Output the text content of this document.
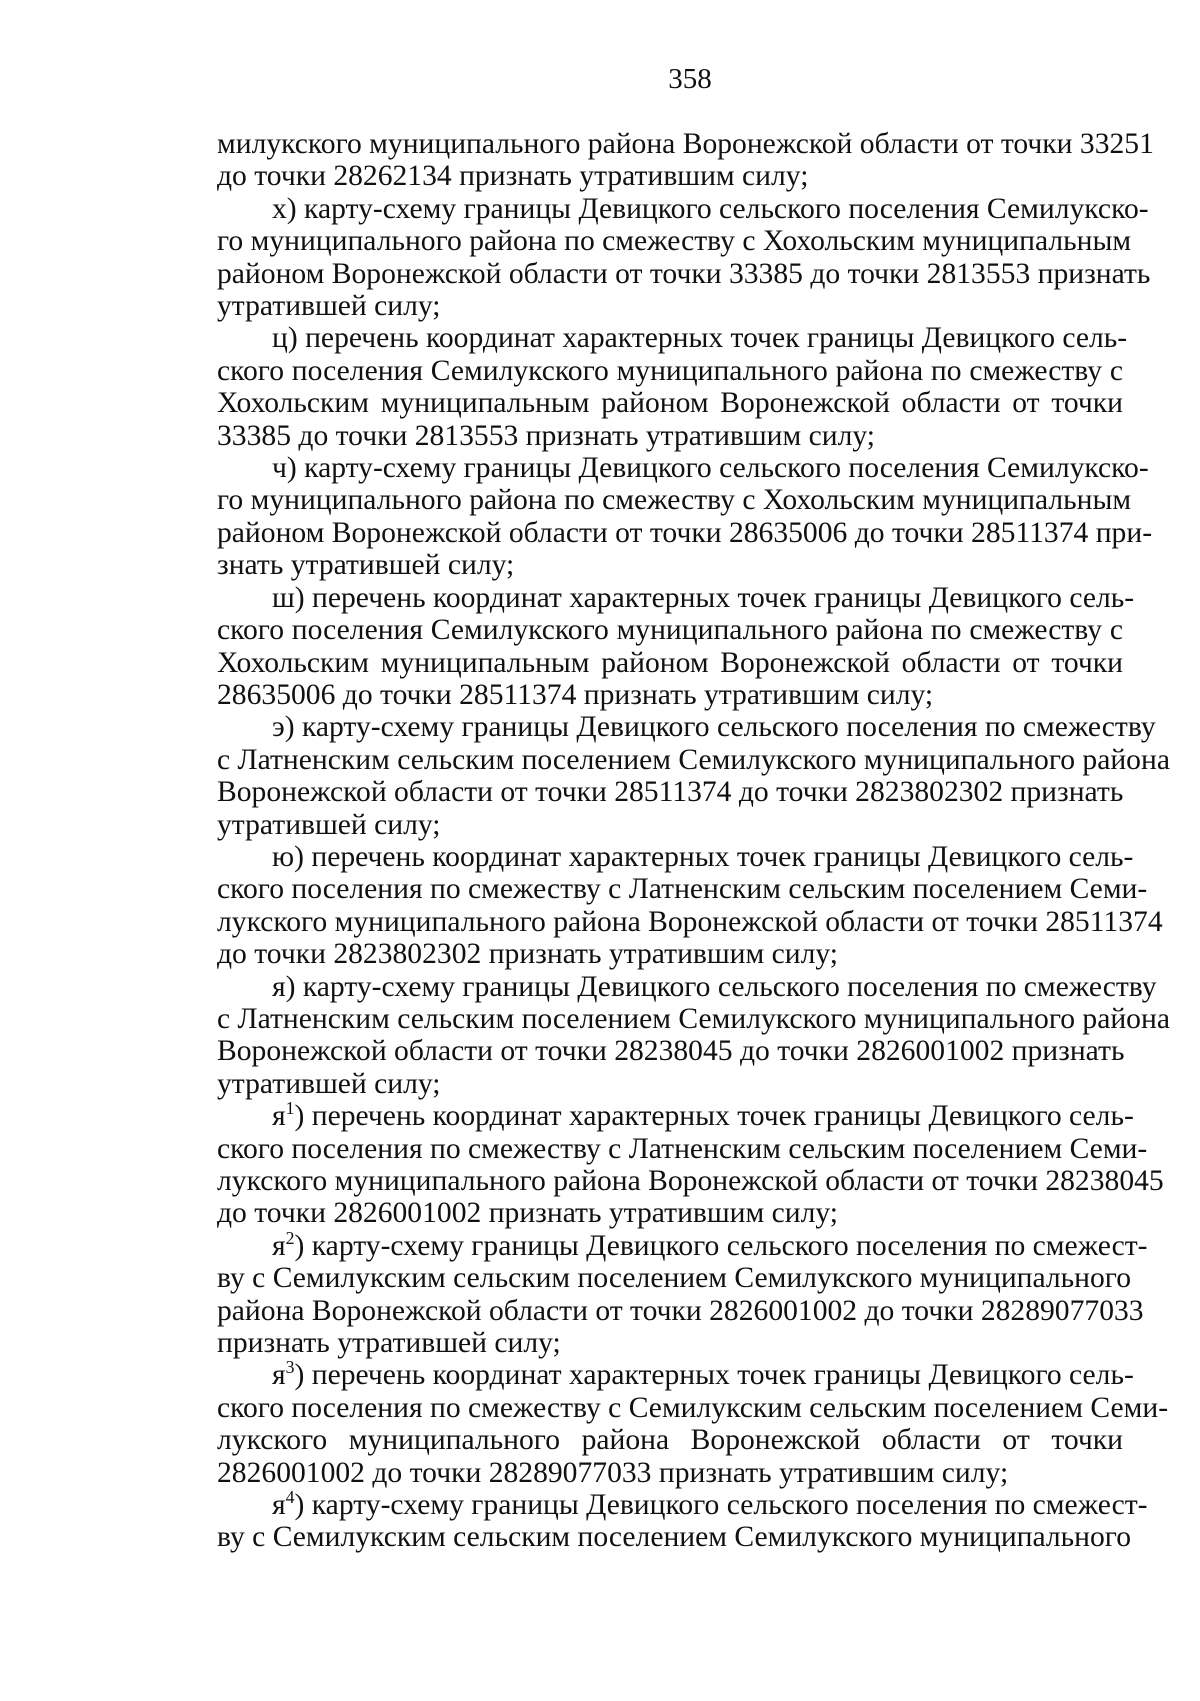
358

милукского муниципального района Воронежской области от точки 33251
до точки 28262134 признать утратившим силу;

х) карту-схему границы Девицкого сельского поселения Семилукско-
го муниципального района по смежеству с Хохольским муниципальным
районом Воронежской области от точки 33385 до точки 2813553 признать
утратившей силу;

ц) перечень координат характерных точек границы Девицкого сель-
ского поселения Семилукского муниципального района по смежеству с
Хохольским муниципальным районом Воронежской области от точки
33385 до точки 2813553 признать утратившим силу;

ч) карту-схему границы Девицкого сельского поселения Семилукско-
го муниципального района по смежеству с Хохольским муниципальным
районом Воронежской области от точки 28635006 до точки 28511374 при-
знать утратившей силу;

ш) перечень координат характерных точек границы Девицкого сель-
ского поселения Семилукского муниципального района по смежеству с
Хохольским муниципальным районом Воронежской области от точки
28635006 до точки 28511374 признать утратившим силу;

э) карту-схему границы Девицкого сельского поселения по смежеству
с Латненским сельским поселением Семилукского муниципального района
Воронежской области от точки 28511374 до точки 2823802302 признать
утратившей силу;

ю) перечень координат характерных точек границы Девицкого сель-
ского поселения по смежеству с Латненским сельским поселением Семи-
лукского муниципального района Воронежской области от точки 28511374
до точки 2823802302 признать утратившим силу;

я) карту-схему границы Девицкого сельского поселения по смежеству
с Латненским сельским поселением Семилукского муниципального района
Воронежской области от точки 28238045 до точки 2826001002 признать
утратившей силу;

$я^1$) перечень координат характерных точек границы Девицкого сель-
ского поселения по смежеству с Латненским сельским поселением Семи-
лукского муниципального района Воронежской области от точки 28238045
до точки 2826001002 признать утратившим силу;

$я^2$) карту-схему границы Девицкого сельского поселения по смежест-
ву с Семилукским сельским поселением Семилукского муниципального
района Воронежской области от точки 2826001002 до точки 28289077033
признать утратившей силу;

$я^3$) перечень координат характерных точек границы Девицкого сель-
ского поселения по смежеству с Семилукским сельским поселением Семи-
лукского муниципального района Воронежской области от точки
2826001002 до точки 28289077033 признать утратившим силу;

$я^4$) карту-схему границы Девицкого сельского поселения по смежест-
ву с Семилукским сельским поселением Семилукского муниципального
